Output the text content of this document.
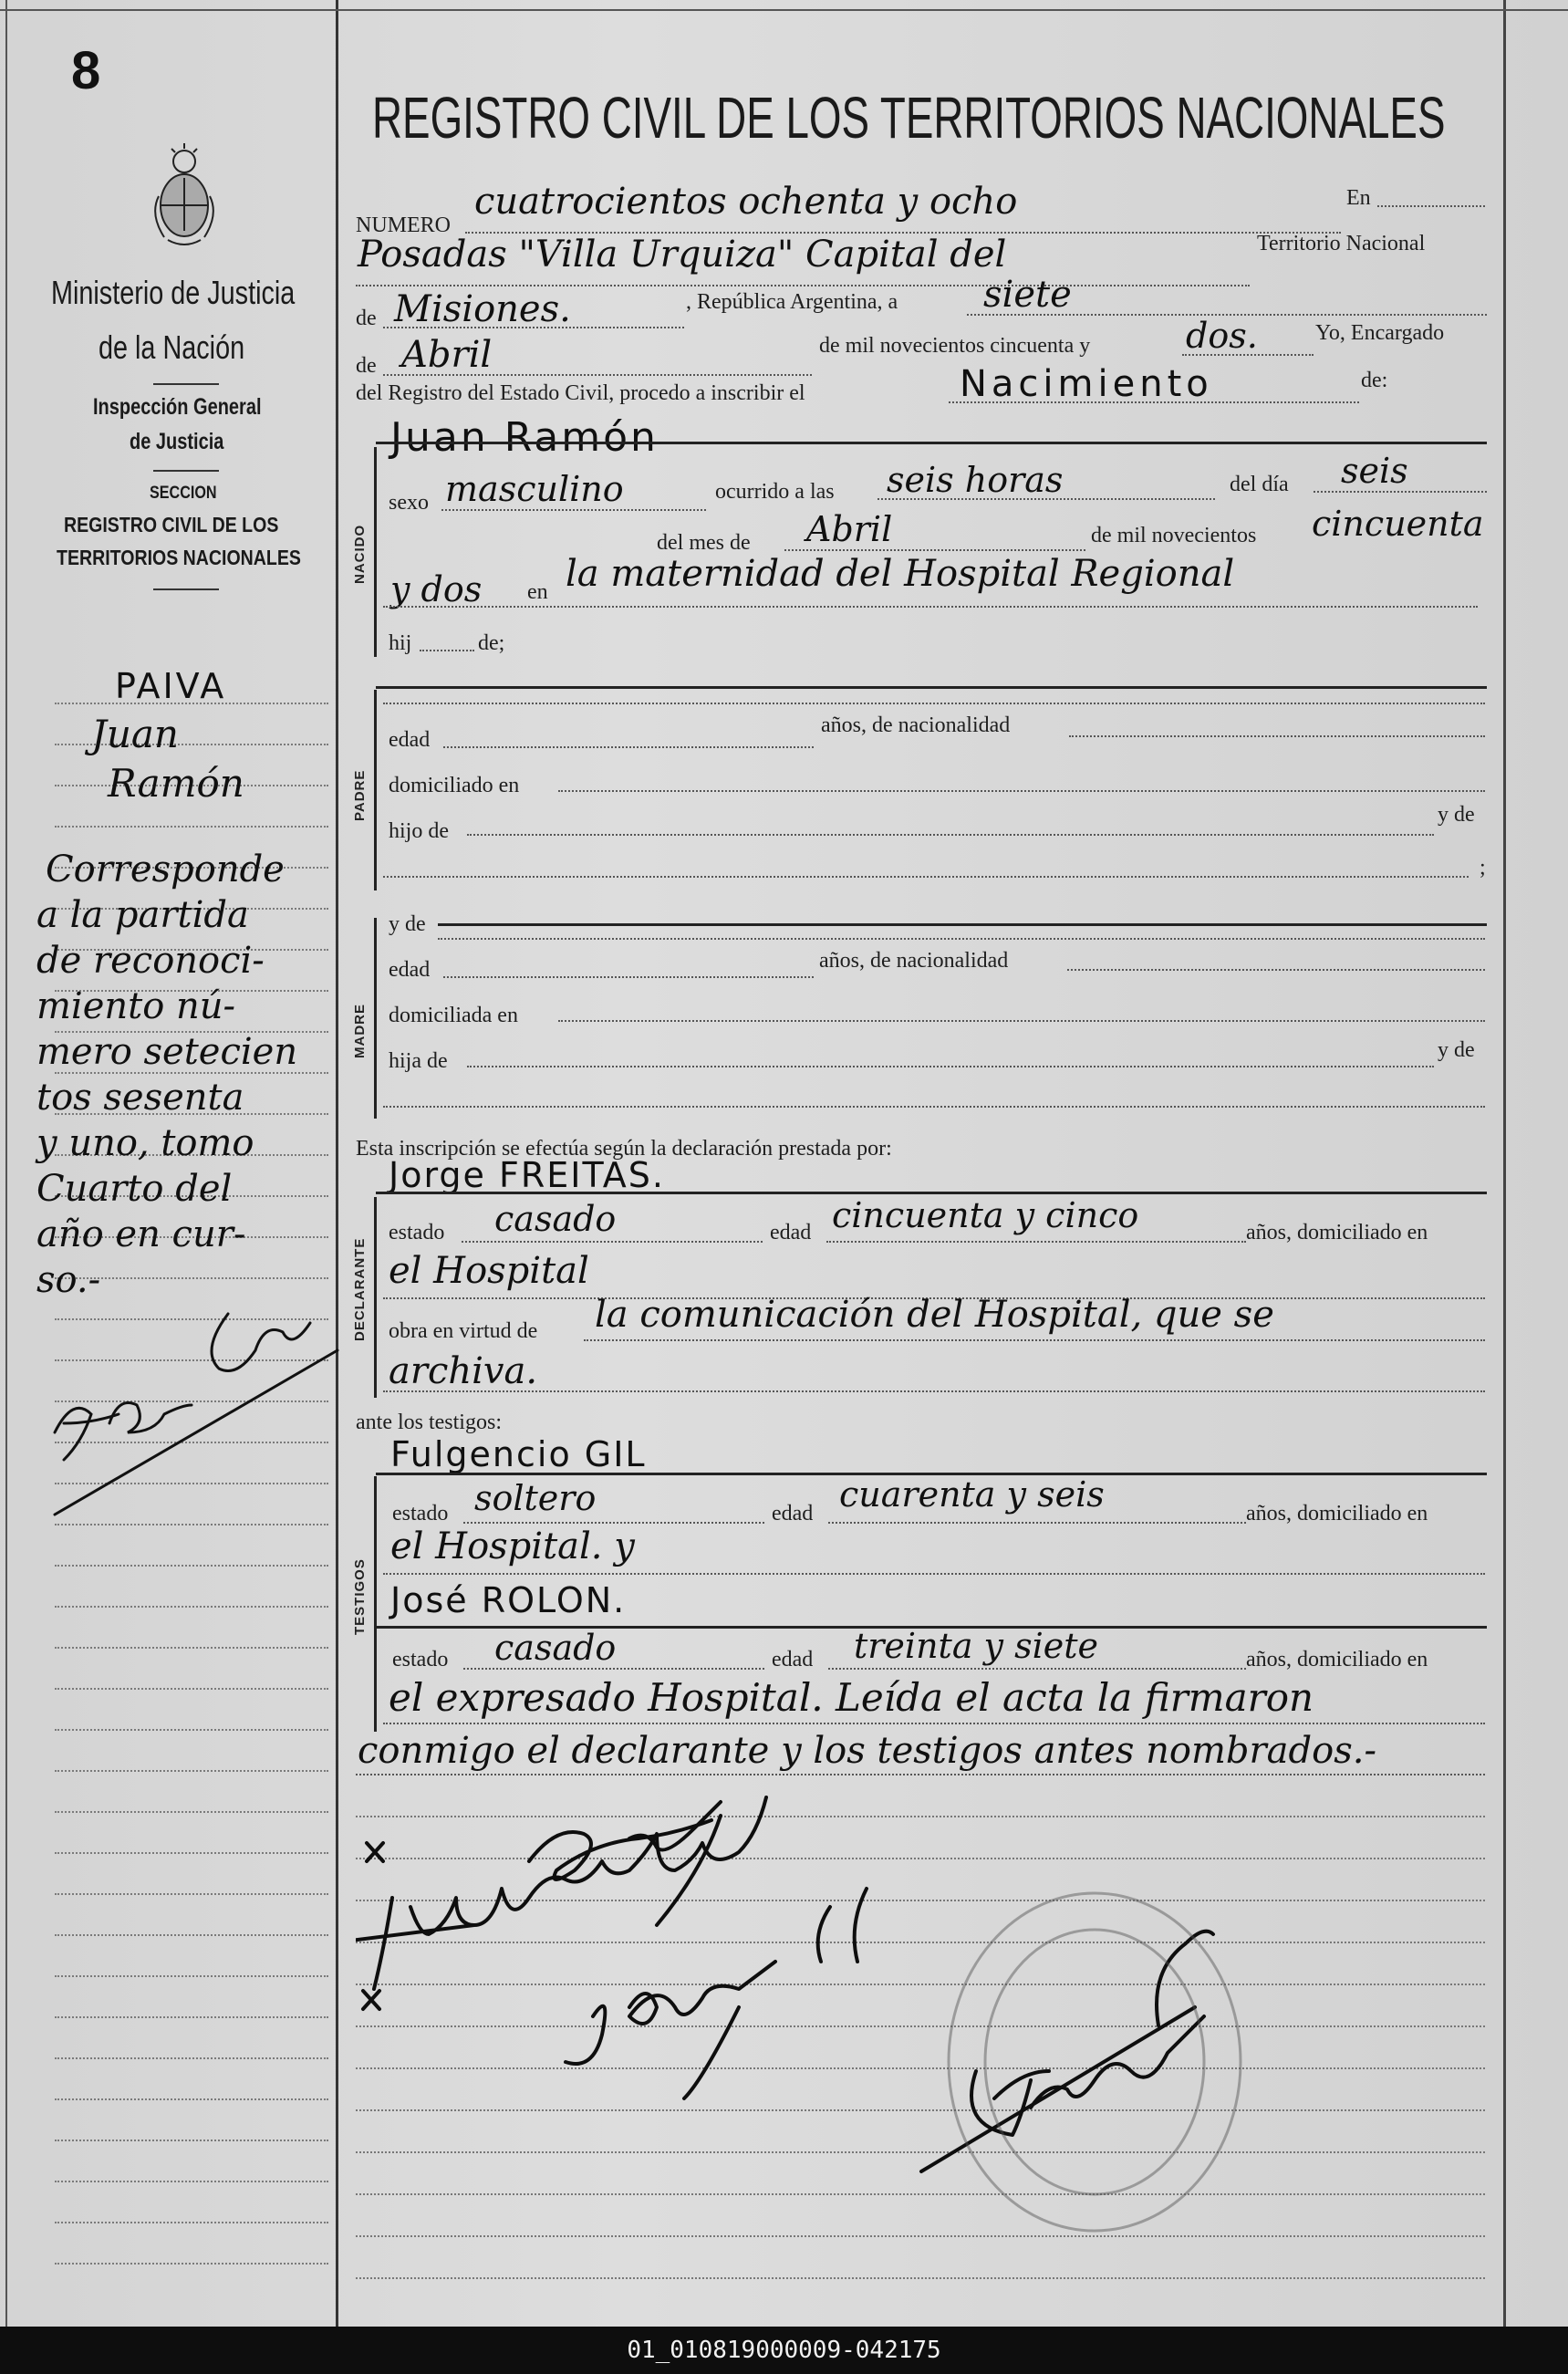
8
Ministerio de Justicia
de la Nación
Inspección General
de Justicia
SECCION
REGISTRO CIVIL DE LOS
TERRITORIOS NACIONALES
PAIVA
Juan
Ramón
Corresponde
a la partida
de reconoci-
miento nú-
mero setecien
tos sesenta
y uno, tomo
Cuarto del
año en cur-
so.-
REGISTRO CIVIL DE LOS TERRITORIOS NACIONALES
NUMERO
cuatrocientos ochenta y ocho	En
Posadas "Villa Urquiza" Capital del	Territorio Nacional
de Misiones.	, República Argentina, a siete
de Abril	de mil novecientos cincuenta y	dos.	Yo, Encargado
del Registro del Estado Civil, procedo a inscribir el	Nacimiento	de:
Juan Ramón
NACIDO
sexo masculino	ocurrido a las seis horas	del día seis
del mes de Abril	de mil novecientos cincuenta
y dos en la maternidad del Hospital Regional
hij	de;
PADRE
edad
años, de nacionalidad
domiciliado en
hijo de
y de
;
y de
MADRE
edad	años, de nacionalidad
domiciliada en
hija de	y de
Esta inscripción se efectúa según la declaración prestada por:
Jorge FREITAS.
DECLARANTE
estado casado	edad cincuenta y cinco	años, domiciliado en
el Hospital
obra en virtud de la comunicación del Hospital, que se
archiva.
ante los testigos:
Fulgencio GIL
TESTIGOS
estado soltero	edad cuarenta y seis	años, domiciliado en
el Hospital. y
José ROLON.
estado casado	edad treinta y siete	años, domiciliado en
el expresado Hospital. Leída el acta la firmaron
conmigo el declarante y los testigos antes nombrados.-
01_010819000009-042175
